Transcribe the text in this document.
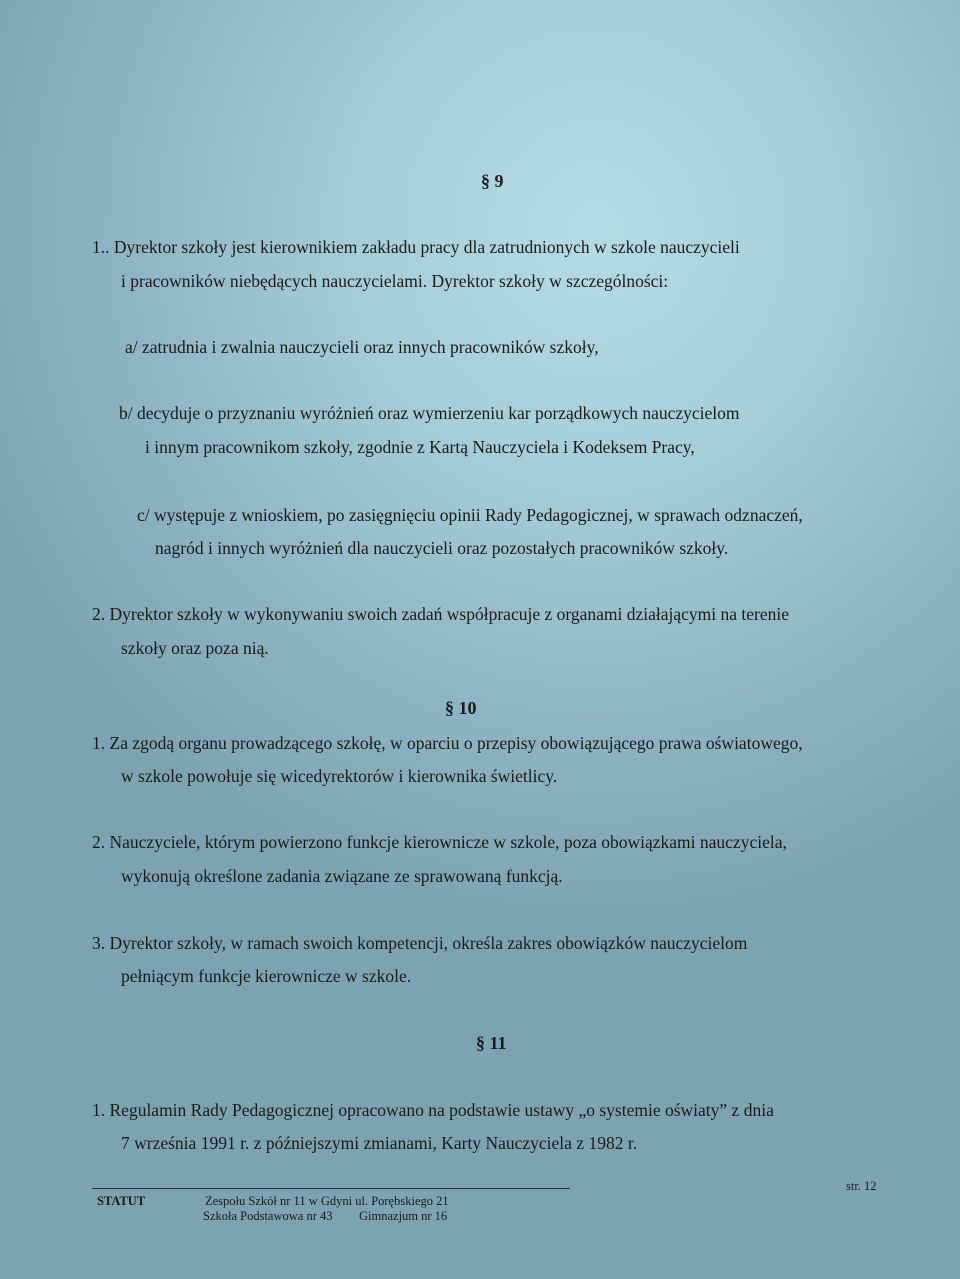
§ 9
1.. Dyrektor szkoły jest kierownikiem zakładu pracy dla zatrudnionych w szkole nauczycieli
i pracowników niebędących nauczycielami. Dyrektor szkoły w szczególności:
a/ zatrudnia i zwalnia nauczycieli oraz innych pracowników szkoły,
b/ decyduje o przyznaniu wyróżnień oraz wymierzeniu kar porządkowych nauczycielom
i innym pracownikom szkoły, zgodnie z Kartą Nauczyciela i Kodeksem Pracy,
c/ występuje z wnioskiem, po zasięgnięciu opinii Rady Pedagogicznej, w sprawach odznaczeń,
nagród i innych wyróżnień dla nauczycieli oraz pozostałych pracowników szkoły.
2. Dyrektor szkoły w wykonywaniu swoich zadań współpracuje z organami działającymi na terenie
szkoły oraz poza nią.
§ 10
1. Za zgodą organu prowadzącego szkołę, w oparciu o przepisy obowiązującego prawa oświatowego,
w szkole powołuje się wicedyrektorów i kierownika świetlicy.
2. Nauczyciele, którym powierzono funkcje kierownicze w szkole, poza obowiązkami nauczyciela,
wykonują określone zadania związane ze sprawowaną funkcją.
3. Dyrektor szkoły, w ramach swoich kompetencji, określa zakres obowiązków nauczycielom
pełniącym funkcje kierownicze w szkole.
§ 11
1. Regulamin Rady Pedagogicznej opracowano na podstawie ustawy „o systemie oświaty” z dnia
7 września 1991 r. z późniejszymi zmianami, Karty Nauczyciela z 1982 r.
str. 12
STATUT	Zespołu Szkół nr 11 w Gdyni ul. Porębskiego 21
Szkoła Podstawowa nr 43 Gimnazjum nr 16
